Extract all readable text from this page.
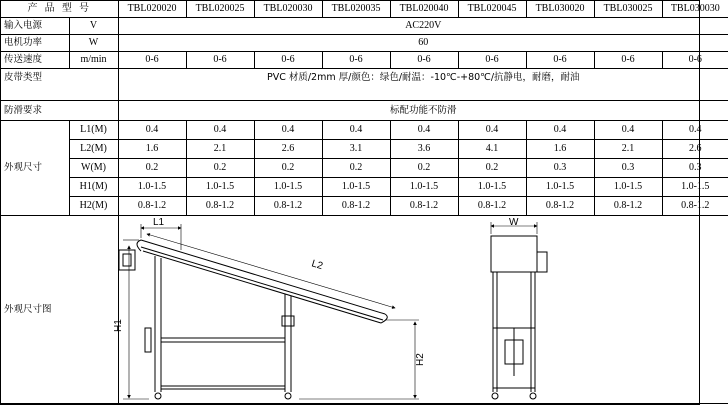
产 品 型 号		TBL020020	TBL020025	TBL020030	TBL020035	TBL020040	TBL020045	TBL030020	TBL030025	TBL030030
输入电源	V	AC220V								
电机功率	W	60								
传送速度	m/min	0-6	0-6	0-6	0-6	0-6	0-6	0-6	0-6	0-6
皮带类型		PVC 材质/2mm 厚/颜色：绿色/耐温：-10℃-+80℃/抗静电，耐磨，耐油								
防滑要求		标配功能不防滑								
外观尺寸	L1(M)	0.4	0.4	0.4	0.4	0.4	0.4	0.4	0.4	0.4
	L2(M)	1.6	2.1	2.6	3.1	3.6	4.1	1.6	2.1	2.6
	W(M)	0.2	0.2	0.2	0.2	0.2	0.2	0.3	0.3	0.3
	H1(M)	1.0-1.5	1.0-1.5	1.0-1.5	1.0-1.5	1.0-1.5	1.0-1.5	1.0-1.5	1.0-1.5	1.0-1.5
	H2(M)	0.8-1.2	0.8-1.2	0.8-1.2	0.8-1.2	0.8-1.2	0.8-1.2	0.8-1.2	0.8-1.2	0.8-1.2
外观尺寸图		L1
L2
H1
H2
W								
